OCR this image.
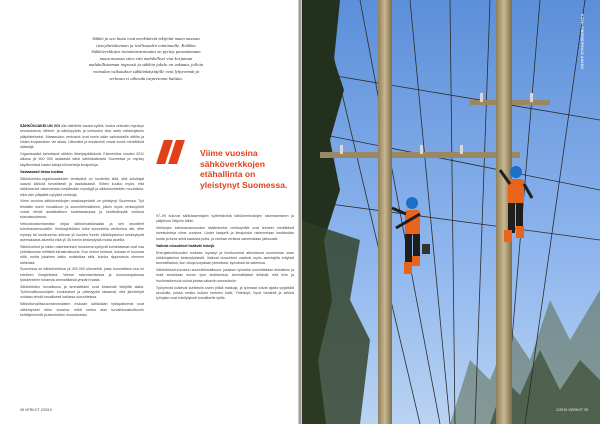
Sähkö ja sen laatu ovat merkittäviä tekijöitä muun muassa tietoyhteiskunnan ja teollisuuden toiminnalle. Kaikkia Sähköverkkojen toimintavarmuutta on pyritty parantamaan muun muassa siten että mahdolliset viat korjataan mahdollisimman nopeasti ja sähkön jakelu on vakaata, jolloin voimalan vaikutukset sähkönkäyttäjille ovat lyhyemmät ja verkosta ei aiheudu tarpeetonta haittaa.

SÄHKÖNJAKELUN VOI olla häiriöiltä vastaa syöttä, koska verkosto myrskyn seurauksena, lähteet, ja sähköpylväs ja verkoston vika usein sähkönjakelu ylläpitämiseksi. Maaseudun verkostot ovat usein sään vaikutuksille alttiita ja niiden korjaaminen vie aikaa. Ulkonäkö ja ennakointi voivat luoda merkittäviä säästöjä.

Organisaatiot kehottavat sähkön lähetyspäätöksiä. Esimerkiksi vuoden 2011 aikana yli 500 000 asiakasta kärsi sähkökatkoista Suomessa ja myrsky käytännössä kaatoi satoja kilometrejä ilmajohtoja.

Vastaavasti tietoa tuottaa

Sähköverkko-organisaatioiden tehtävänä on huolehtia siitä, että kuluttajat saavat sähköä turvallisesti ja laadukkaasti. Siihen kuuluu myös, että sähköverkot rakennetaan kestämään myrskyjä ja sääolosuhteiden muutoksia, eikä vain ylläpitää nykyisiä verkkoja.

Viime vuosina sähköverkkojen maakaapelointi on yleistynyt Suomessa. Työ tehdään usein ennakkoon ja suunnitelmallisesti, jolloin myös verkkoyhtiöt voivat tehdä asiakkailleen luotettavampaa ja kestävämpää verkkoa tulevaisuudessa.

Verkostorakentamista ohjaa sähkömarkkinalaki ja sen tavoitteet toimitusvarmuudelle. Verkkoyhtiöiden tulee suunnitella verkkonsa niin, ettei myrsky tai lumikuorma aiheuta yli kuuden tunnin sähkönjakelun keskeytystä asemakaava-alueella eikä yli 36 tunnin keskeytystä muilla alueilla.

Sähköverkot ja niiden rakentamisen tuloksena syntyvät toimintatavat ovat osa yhteiskunnan kriittistä infrastruktuuria. Kun verkot toimivat, kukaan ei huomaa niitä, mutta jokainen katko muistuttaa siitä, kuinka riippuvaisia olemme sähköstä.

Suomessa on sähköverkkoa yli 400 000 kilometriä, josta huomattava osa on edelleen ilmajohtoina. Verkon rakentamisessa ja kunnossapidossa työskentelee tuhansia ammattilaisia ympäri maata.

Sähkötöiden turvallisuus ja ammattitaito ovat keskeisiä tekijöitä alalla. Työturvallisuusohjeet, koulutukset ja pätevyydet takaavat, että jännitetyöt voidaan tehdä turvallisesti kaikissa olosuhteissa.

Sähköturvallisuusviranomaisten mukaan sähköalan työtapaturmat ovat vähentyneet viime vuosina, mikä kertoo alan turvallisuuskulttuurin kehittymisestä ja asenteiden muutoksesta.

97–99 kuluvat sähköasentajien työtehtävistä sähköverkostojen rakentamiseen ja ylläpitoon liittyviin töihin.

Verkkojen toimintavarmuuden lisäämiseksi verkkoyhtiöt ovat tehneet merkittäviä investointeja viime vuosina. Uudet kaapelit ja ilmajohdot rakennetaan kestämään tuulta ja lunta sekä kaatuvia puita, ja vanhaa verkkoa saneerataan jatkuvasti.

Vaikeat olosuhteet lisäävät riskejä

Energiateollisuuden mukaan myrskyt ja lumikuormat aiheuttavat suurimman osan sähkönjakelun keskeytyksistä. Vaikeat olosuhteet vaativat myös asentajilta erityistä ammattitaitoa, kun vikoja korjataan pimeässä, kylmässä tai sateessa.

Sähkötöissä korostuu suunnitelmallisuus: jokainen työvaihe suunnitellaan etukäteen ja riskit arvioidaan ennen työn aloittamista. Ammattilaiset tietävät, että kiire ja huolimattomuus voivat johtaa vakaviin seurauksiin.

Työryhmät kulkevat kohteisiin usein pitkiä matkoja, ja työmaat voivat sijaita syrjäisillä seuduilla, joissa verkko kulkee metsien halki. Yhteistyö, hyvä viestintä ja selkeä työnjako ovat edellytyksiä turvalliselle työlle.

Viime vuosina sähköverkkojen etähallinta on yleistynyt Suomessa.
38 VERKOT 2/2019	2/2019 VERKOT 39
KUVA: FINGRID/PAVLO AAKKO
